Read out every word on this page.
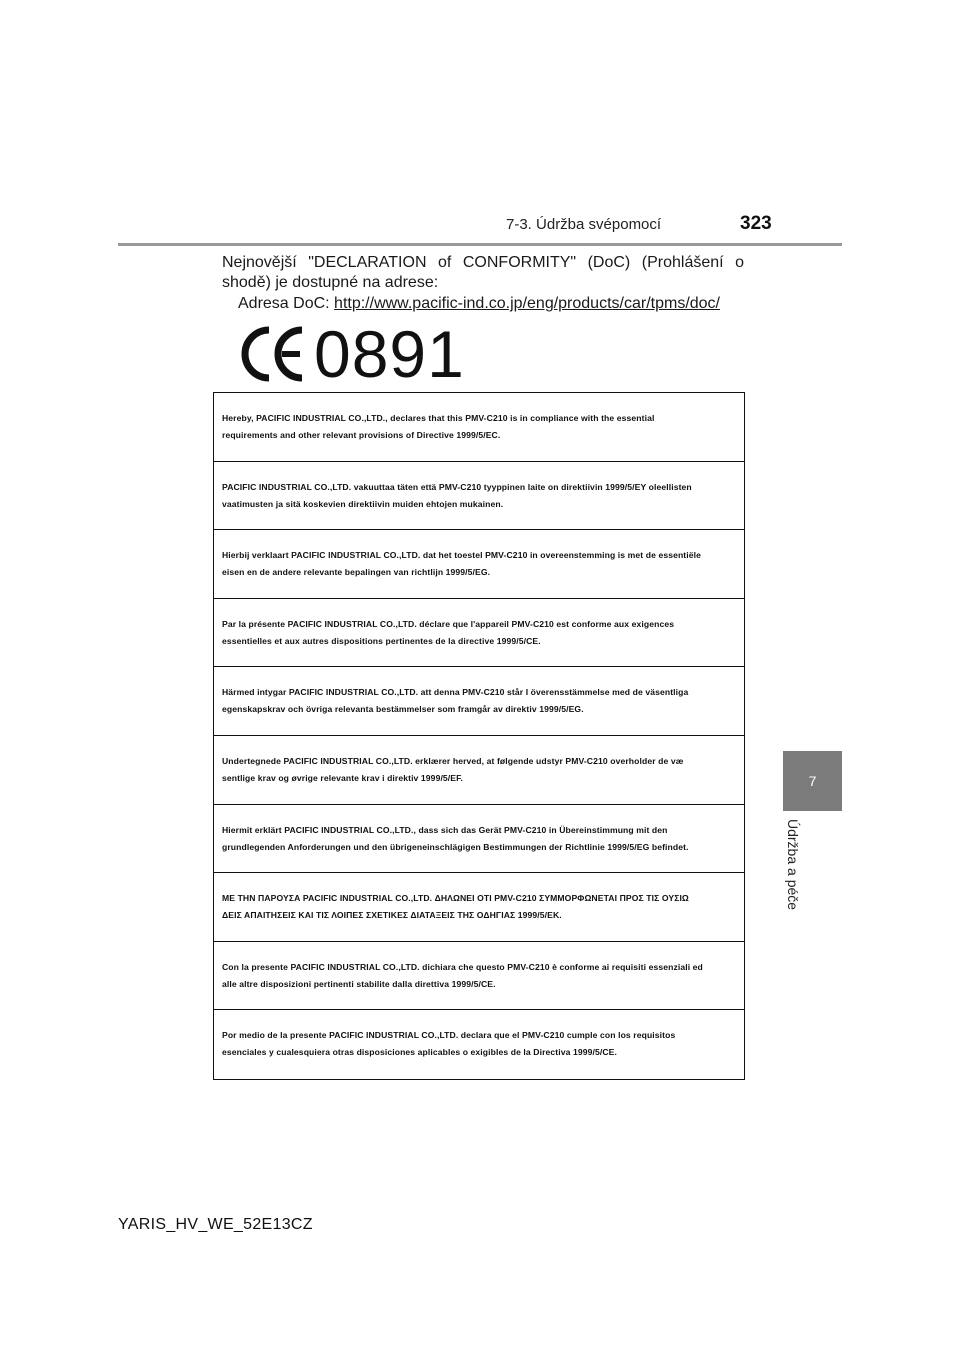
7-3. Údržba svépomocí	323
7
Údržba a péče
Nejnovější "DECLARATION of CONFORMITY" (DoC) (Prohlášení o shodě) je dostupné na adrese:
Adresa DoC: http://www.pacific-ind.co.jp/eng/products/car/tpms/doc/
0891
Hereby, PACIFIC INDUSTRIAL CO.,LTD., declares that this PMV-C210 is in compliance with the essential
requirements and other relevant provisions of Directive 1999/5/EC.
PACIFIC INDUSTRIAL CO.,LTD. vakuuttaa täten että PMV-C210 tyyppinen laite on direktiivin 1999/5/EY oleellisten
vaatimusten ja sitä koskevien direktiivin muiden ehtojen mukainen.
Hierbij verklaart PACIFIC INDUSTRIAL CO.,LTD. dat het toestel PMV-C210 in overeenstemming is met de essentiële
eisen en de andere relevante bepalingen van richtlijn 1999/5/EG.
Par la présente PACIFIC INDUSTRIAL CO.,LTD. déclare que l'appareil PMV-C210 est conforme aux exigences
essentielles et aux autres dispositions pertinentes de la directive 1999/5/CE.
Härmed intygar PACIFIC INDUSTRIAL CO.,LTD. att denna PMV-C210 står I överensstämmelse med de väsentliga
egenskapskrav och övriga relevanta bestämmelser som framgår av direktiv 1999/5/EG.
Undertegnede PACIFIC INDUSTRIAL CO.,LTD. erklærer herved, at følgende udstyr PMV-C210 overholder de væ
sentlige krav og øvrige relevante krav i direktiv 1999/5/EF.
Hiermit erklärt PACIFIC INDUSTRIAL CO.,LTD., dass sich das Gerät PMV-C210 in Übereinstimmung mit den
grundlegenden Anforderungen und den übrigeneinschlägigen Bestimmungen der Richtlinie 1999/5/EG befindet.
ΜΕ ΤΗΝ ΠΑΡΟΥΣΑ PACIFIC INDUSTRIAL CO.,LTD. ΔΗΛΩΝΕΙ ΟΤΙ PMV-C210 ΣΥΜΜΟΡΦΩΝΕΤΑΙ ΠΡΟΣ ΤΙΣ ΟΥΣΙΩ
ΔΕΙΣ ΑΠΑΙΤΗΣΕΙΣ ΚΑΙ ΤΙΣ ΛΟΙΠΕΣ ΣΧΕΤΙΚΕΣ ΔΙΑΤΑΞΕΙΣ ΤΗΣ ΟΔΗΓΙΑΣ 1999/5/ΕΚ.
Con la presente PACIFIC INDUSTRIAL CO.,LTD. dichiara che questo PMV-C210 è conforme ai requisiti essenziali ed
alle altre disposizioni pertinenti stabilite dalla direttiva 1999/5/CE.
Por medio de la presente PACIFIC INDUSTRIAL CO.,LTD. declara que el PMV-C210 cumple con los requisitos
esenciales y cualesquiera otras disposiciones aplicables o exigibles de la Directiva 1999/5/CE.
YARIS_HV_WE_52E13CZ
